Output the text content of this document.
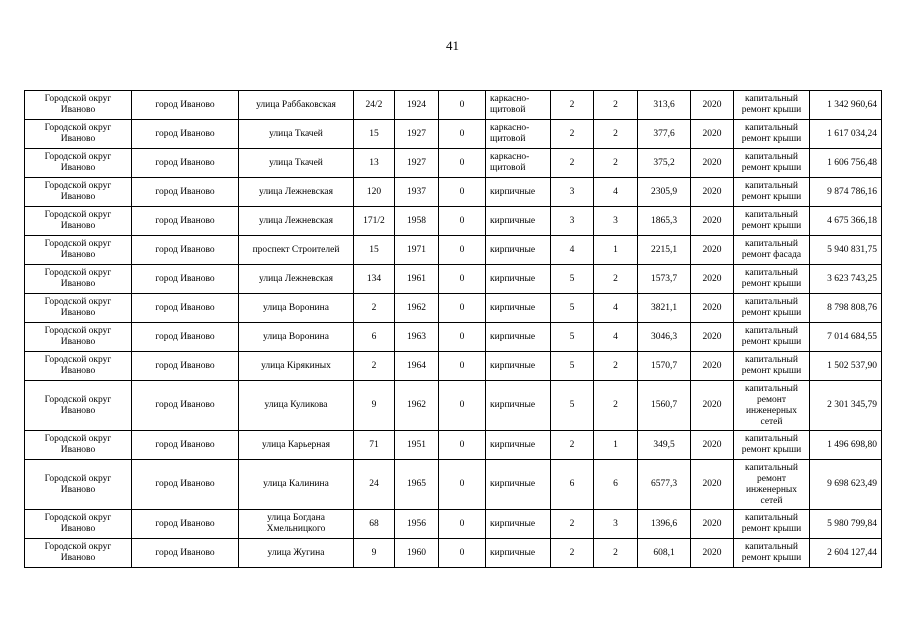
41
Городской округ Иваново	город Иваново	улица Раббаковская	24/2	1924	0	каркасно-щитовой	2	2	313,6	2020	капитальный ремонт крыши	1 342 960,64
Городской округ Иваново	город Иваново	улица Ткачей	15	1927	0	каркасно-щитовой	2	2	377,6	2020	капитальный ремонт крыши	1 617 034,24
Городской округ Иваново	город Иваново	улица Ткачей	13	1927	0	каркасно-щитовой	2	2	375,2	2020	капитальный ремонт крыши	1 606 756,48
Городской округ Иваново	город Иваново	улица Лежневская	120	1937	0	кирпичные	3	4	2305,9	2020	капитальный ремонт крыши	9 874 786,16
Городской округ Иваново	город Иваново	улица Лежневская	171/2	1958	0	кирпичные	3	3	1865,3	2020	капитальный ремонт крыши	4 675 366,18
Городской округ Иваново	город Иваново	проспект Строителей	15	1971	0	кирпичные	4	1	2215,1	2020	капитальный ремонт фасада	5 940 831,75
Городской округ Иваново	город Иваново	улица Лежневская	134	1961	0	кирпичные	5	2	1573,7	2020	капитальный ремонт крыши	3 623 743,25
Городской округ Иваново	город Иваново	улица Воронина	2	1962	0	кирпичные	5	4	3821,1	2020	капитальный ремонт крыши	8 798 808,76
Городской округ Иваново	город Иваново	улица Воронина	6	1963	0	кирпичные	5	4	3046,3	2020	капитальный ремонт крыши	7 014 684,55
Городской округ Иваново	город Иваново	улица Кірякиных	2	1964	0	кирпичные	5	2	1570,7	2020	капитальный ремонт крыши	1 502 537,90
Городской округ Иваново	город Иваново	улица Куликова	9	1962	0	кирпичные	5	2	1560,7	2020	капитальный ремонт инженерных сетей	2 301 345,79
Городской округ Иваново	город Иваново	улица Карьерная	71	1951	0	кирпичные	2	1	349,5	2020	капитальный ремонт крыши	1 496 698,80
Городской округ Иваново	город Иваново	улица Калинина	24	1965	0	кирпичные	6	6	6577,3	2020	капитальный ремонт инженерных сетей	9 698 623,49
Городской округ Иваново	город Иваново	улица Богдана Хмельницкого	68	1956	0	кирпичные	2	3	1396,6	2020	капитальный ремонт крыши	5 980 799,84
Городской округ Иваново	город Иваново	улица Жугина	9	1960	0	кирпичные	2	2	608,1	2020	капитальный ремонт крыши	2 604 127,44
